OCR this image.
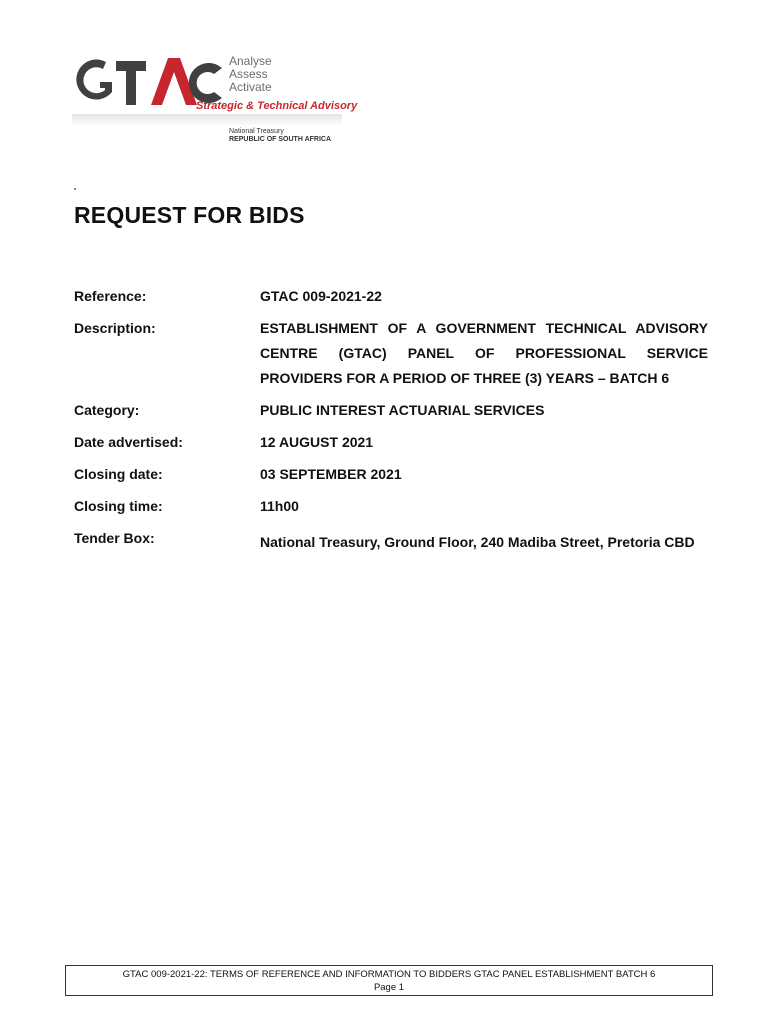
Analyse
Assess
Activate
Strategic & Technical Advisory
National Treasury
REPUBLIC OF SOUTH AFRICA
REQUEST FOR BIDS
Reference:	GTAC 009-2021-22
Description:	ESTABLISHMENT OF A GOVERNMENT TECHNICAL ADVISORY CENTRE (GTAC) PANEL OF PROFESSIONAL SERVICE PROVIDERS FOR A PERIOD OF THREE (3) YEARS – BATCH 6
Category:	PUBLIC INTEREST ACTUARIAL SERVICES
Date advertised:	12 AUGUST 2021
Closing date:	03 SEPTEMBER 2021
Closing time:	11h00
Tender Box:	National Treasury, Ground Floor, 240 Madiba Street, Pretoria CBD
GTAC 009-2021-22: TERMS OF REFERENCE AND INFORMATION TO BIDDERS GTAC PANEL ESTABLISHMENT BATCH 6
Page 1
